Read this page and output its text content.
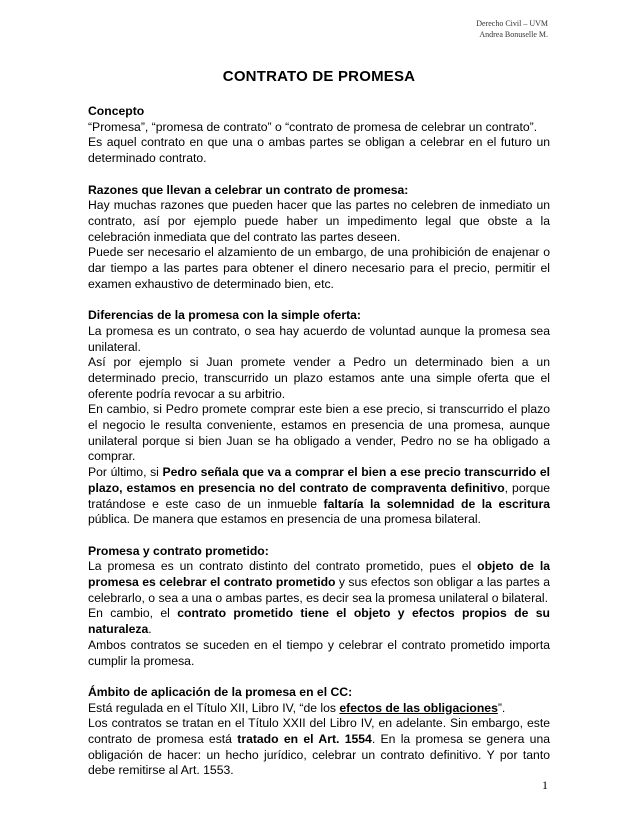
Derecho Civil – UVM
Andrea Bonuselle M.
CONTRATO DE PROMESA
Concepto

“Promesa”, “promesa de contrato” o “contrato de promesa de celebrar un contrato”.

Es aquel contrato en que una o ambas partes se obligan a celebrar en el futuro un determinado contrato.

Razones que llevan a celebrar un contrato de promesa:

Hay muchas razones que pueden hacer que las partes no celebren de inmediato un contrato, así por ejemplo puede haber un impedimento legal que obste a la celebración inmediata que del contrato las partes deseen.

Puede ser necesario el alzamiento de un embargo, de una prohibición de enajenar o dar tiempo a las partes para obtener el dinero necesario para el precio, permitir el examen exhaustivo de determinado bien, etc.

Diferencias de la promesa con la simple oferta:

La promesa es un contrato, o sea hay acuerdo de voluntad aunque la promesa sea unilateral.

Así por ejemplo si Juan promete vender a Pedro un determinado bien a un determinado precio, transcurrido un plazo estamos ante una simple oferta que el oferente podría revocar a su arbitrio.

En cambio, si Pedro promete comprar este bien a ese precio, si transcurrido el plazo el negocio le resulta conveniente, estamos en presencia de una promesa, aunque unilateral porque si bien Juan se ha obligado a vender, Pedro no se ha obligado a comprar.

Por último, si Pedro señala que va a comprar el bien a ese precio transcurrido el plazo, estamos en presencia no del contrato de compraventa definitivo, porque tratándose e este caso de un inmueble faltaría la solemnidad de la escritura pública. De manera que estamos en presencia de una promesa bilateral.

Promesa y contrato prometido:

La promesa es un contrato distinto del contrato prometido, pues el objeto de la promesa es celebrar el contrato prometido y sus efectos son obligar a las partes a celebrarlo, o sea a una o ambas partes, es decir sea la promesa unilateral o bilateral.

En cambio, el contrato prometido tiene el objeto y efectos propios de su naturaleza.

Ambos contratos se suceden en el tiempo y celebrar el contrato prometido importa cumplir la promesa.

Ámbito de aplicación de la promesa en el CC:

Está regulada en el Título XII, Libro IV, “de los efectos de las obligaciones”.

Los contratos se tratan en el Título XXII del Libro IV, en adelante. Sin embargo, este contrato de promesa está tratado en el Art. 1554. En la promesa se genera una obligación de hacer: un hecho jurídico, celebrar un contrato definitivo. Y por tanto debe remitirse al Art. 1553.

1
